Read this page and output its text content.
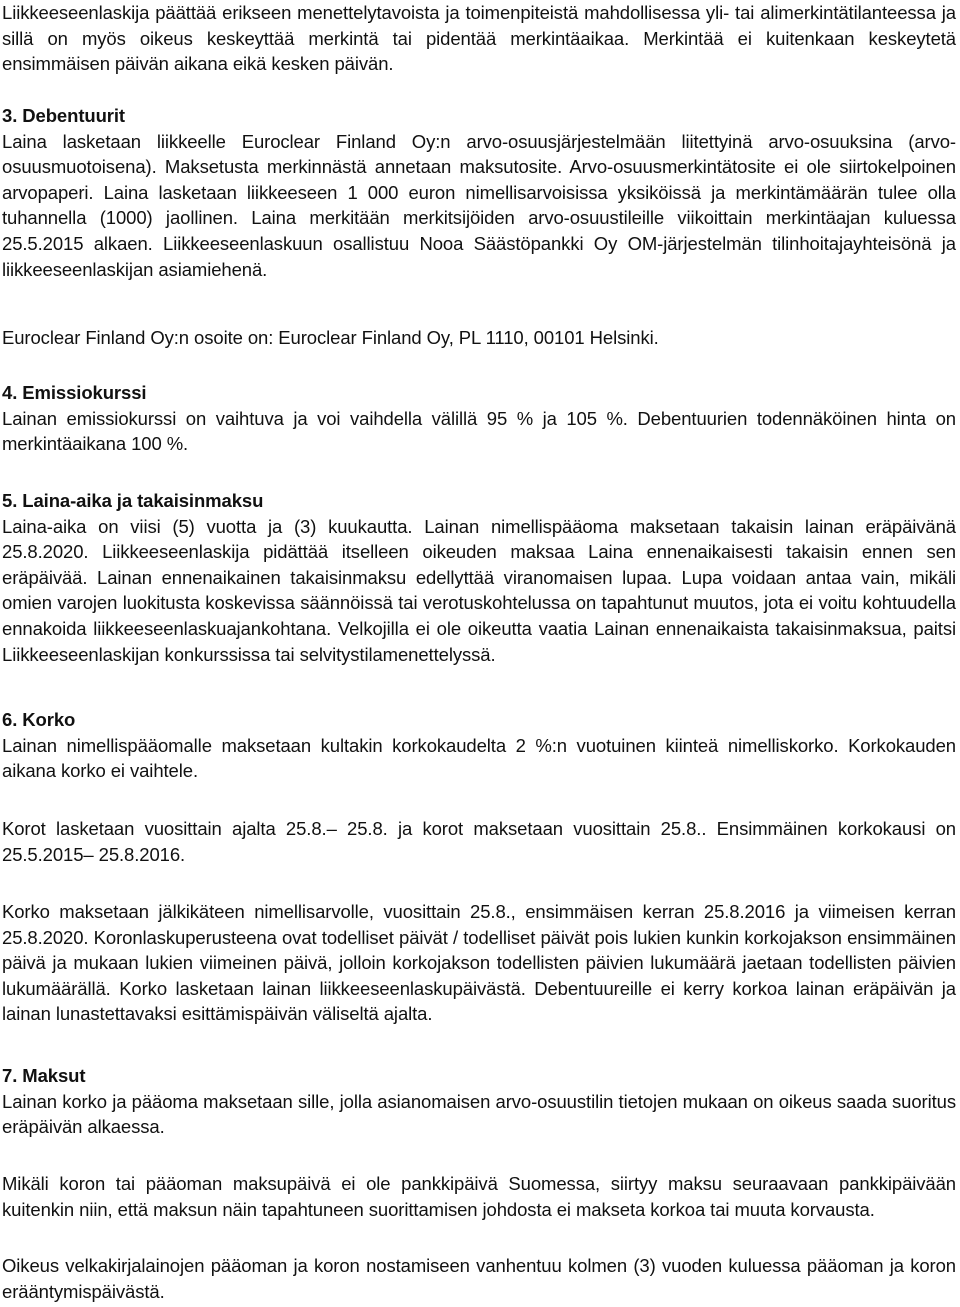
Liikkeeseenlaskija päättää erikseen menettelytavoista ja toimenpiteistä mahdollisessa yli- tai alimerkintätilanteessa ja sillä on myös oikeus keskeyttää merkintä tai pidentää merkintäaikaa. Merkintää ei kuitenkaan keskeytetä ensimmäisen päivän aikana eikä kesken päivän.

3. Debentuurit

Laina lasketaan liikkeelle Euroclear Finland Oy:n arvo-osuusjärjestelmään liitettyinä arvo-osuuksina (arvo-osuusmuotoisena). Maksetusta merkinnästä annetaan maksutosite. Arvo-osuusmerkintätosite ei ole siirtokelpoinen arvopaperi. Laina lasketaan liikkeeseen 1 000 euron nimellisarvoisissa yksiköissä ja merkintämäärän tulee olla tuhannella (1000) jaollinen. Laina merkitään merkitsijöiden arvo-osuustileille viikoittain merkintäajan kuluessa 25.5.2015 alkaen. Liikkeeseenlaskuun osallistuu Nooa Säästöpankki Oy OM-järjestelmän tilinhoitajayhteisönä ja liikkeeseenlaskijan asiamiehenä.

Euroclear Finland Oy:n osoite on: Euroclear Finland Oy, PL 1110, 00101 Helsinki.

4. Emissiokurssi

Lainan emissiokurssi on vaihtuva ja voi vaihdella välillä 95 % ja 105 %. Debentuurien todennäköinen hinta on merkintäaikana 100 %.

5. Laina-aika ja takaisinmaksu

Laina-aika on viisi (5) vuotta ja (3) kuukautta. Lainan nimellispääoma maksetaan takaisin lainan eräpäivänä 25.8.2020. Liikkeeseenlaskija pidättää itselleen oikeuden maksaa Laina ennenaikaisesti takaisin ennen sen eräpäivää. Lainan ennenaikainen takaisinmaksu edellyttää viranomaisen lupaa. Lupa voidaan antaa vain, mikäli omien varojen luokitusta koskevissa säännöissä tai verotuskohtelussa on tapahtunut muutos, jota ei voitu kohtuudella ennakoida liikkeeseenlaskuajankohtana. Velkojilla ei ole oikeutta vaatia Lainan ennenaikaista takaisinmaksua, paitsi Liikkeeseenlaskijan konkurssissa tai selvitystilamenettelyssä.

6. Korko

Lainan nimellispääomalle maksetaan kultakin korkokaudelta 2 %:n vuotuinen kiinteä nimelliskorko. Korkokauden aikana korko ei vaihtele.

Korot lasketaan vuosittain ajalta 25.8.– 25.8. ja korot maksetaan vuosittain 25.8.. Ensimmäinen korkokausi on 25.5.2015– 25.8.2016.

Korko maksetaan jälkikäteen nimellisarvolle, vuosittain 25.8., ensimmäisen kerran 25.8.2016 ja viimeisen kerran 25.8.2020. Koronlaskuperusteena ovat todelliset päivät / todelliset päivät pois lukien kunkin korkojakson ensimmäinen päivä ja mukaan lukien viimeinen päivä, jolloin korkojakson todellisten päivien lukumäärä jaetaan todellisten päivien lukumäärällä. Korko lasketaan lainan liikkeeseenlaskupäivästä. Debentuureille ei kerry korkoa lainan eräpäivän ja lainan lunastettavaksi esittämispäivän väliseltä ajalta.

7. Maksut

Lainan korko ja pääoma maksetaan sille, jolla asianomaisen arvo-osuustilin tietojen mukaan on oikeus saada suoritus eräpäivän alkaessa.

Mikäli koron tai pääoman maksupäivä ei ole pankkipäivä Suomessa, siirtyy maksu seuraavaan pankkipäivään kuitenkin niin, että maksun näin tapahtuneen suorittamisen johdosta ei makseta korkoa tai muuta korvausta.

Oikeus velkakirjalainojen pääoman ja koron nostamiseen vanhentuu kolmen (3) vuoden kuluessa pääoman ja koron erääntymispäivästä.
